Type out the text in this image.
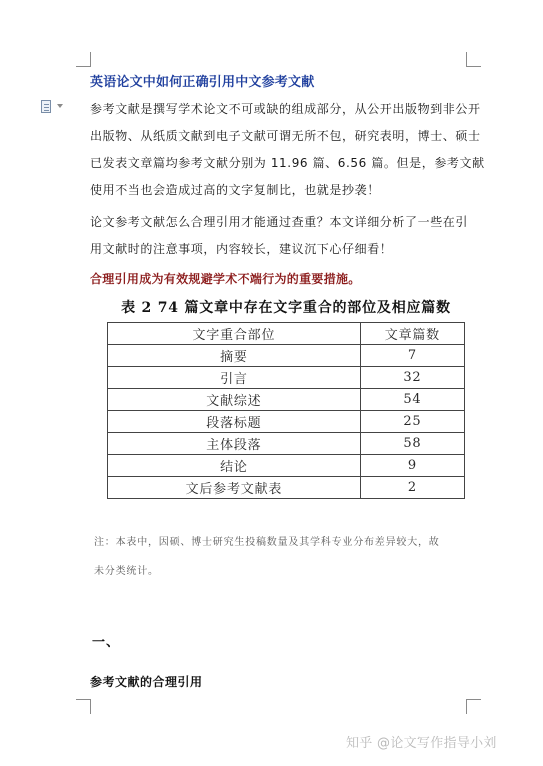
英语论文中如何正确引用中文参考文献
参考文献是撰写学术论文不可或缺的组成部分，从公开出版物到非公开
出版物、从纸质文献到电子文献可谓无所不包，研究表明，博士、硕士
已发表文章篇均参考文献分别为 11.96 篇、6.56 篇。但是，参考文献
使用不当也会造成过高的文字复制比，也就是抄袭！
论文参考文献怎么合理引用才能通过查重？本文详细分析了一些在引
用文献时的注意事项，内容较长，建议沉下心仔细看！
合理引用成为有效规避学术不端行为的重要措施。
表 2 74 篇文章中存在文字重合的部位及相应篇数
文字重合部位	文章篇数
摘要	7
引言	32
文献综述	54
段落标题	25
主体段落	58
结论	9
文后参考文献表	2
注：本表中，因硕、博士研究生投稿数量及其学科专业分布差异较大，故
未分类统计。
一、
参考文献的合理引用
知乎 @论文写作指导小刘
